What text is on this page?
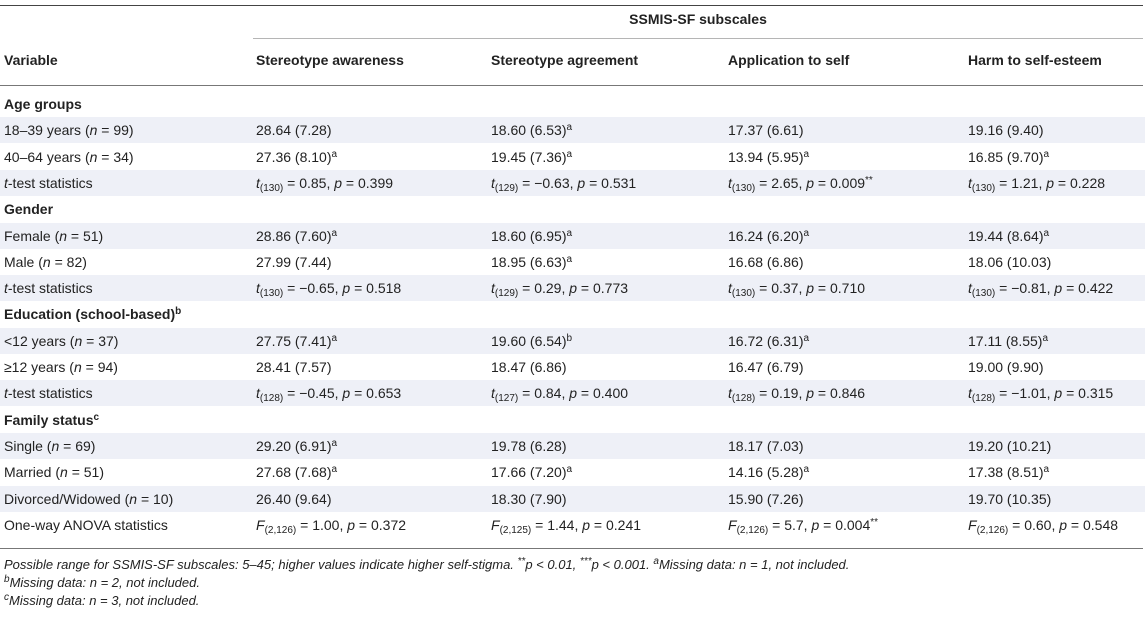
SSMIS-SF subscales
Variable	Stereotype awareness	Stereotype agreement	Application to self	Harm to self-esteem
Age groups
18–39 years (n = 99)	28.64 (7.28)	18.60 $(6.53)^a$	17.37 (6.61)	19.16 (9.40)
40–64 years (n = 34)	27.36 $(8.10)^a$	19.45 $(7.36)^a$	13.94 $(5.95)^a$	16.85 $(9.70)^a$
t-test statistics	$t_{(130)} = 0.85$, p = 0.399	$t_{(129)} = -0.63$, p = 0.531	$t_{(130)} = 2.65$, p = 0.009**	$t_{(130)} = 1.21$, p = 0.228
Gender
Female (n = 51)	28.86 $(7.60)^a$	18.60 $(6.95)^a$	16.24 $(6.20)^a$	19.44 $(8.64)^a$
Male (n = 82)	27.99 (7.44)	18.95 $(6.63)^a$	16.68 (6.86)	18.06 (10.03)
t-test statistics	$t_{(130)} = -0.65$, p = 0.518	$t_{(129)} = 0.29$, p = 0.773	$t_{(130)} = 0.37$, p = 0.710	$t_{(130)} = -0.81$, p = 0.422
Education (school-based)$^b$
<12 years (n = 37)	27.75 $(7.41)^a$	19.60 $(6.54)^b$	16.72 $(6.31)^a$	17.11 $(8.55)^a$
≥12 years (n = 94)	28.41 (7.57)	18.47 (6.86)	16.47 (6.79)	19.00 (9.90)
t-test statistics	$t_{(128)} = -0.45$, p = 0.653	$t_{(127)} = 0.84$, p = 0.400	$t_{(128)} = 0.19$, p = 0.846	$t_{(128)} = -1.01$, p = 0.315
Family status$^c$
Single (n = 69)	29.20 $(6.91)^a$	19.78 (6.28)	18.17 (7.03)	19.20 (10.21)
Married (n = 51)	27.68 $(7.68)^a$	17.66 $(7.20)^a$	14.16 $(5.28)^a$	17.38 $(8.51)^a$
Divorced/Widowed (n = 10)	26.40 (9.64)	18.30 (7.90)	15.90 (7.26)	19.70 (10.35)
One-way ANOVA statistics	$F_{(2,126)} = 1.00$, p = 0.372	$F_{(2,125)} = 1.44$, p = 0.241	$F_{(2,126)} = 5.7$, p = 0.004**	$F_{(2,126)} = 0.60$, p = 0.548
Possible range for SSMIS-SF subscales: 5–45; higher values indicate higher self-stigma. **p < 0.01, ***p < 0.001. $^a$Missing data: n = 1, not included.
$^b$Missing data: n = 2, not included.
$^c$Missing data: n = 3, not included.
